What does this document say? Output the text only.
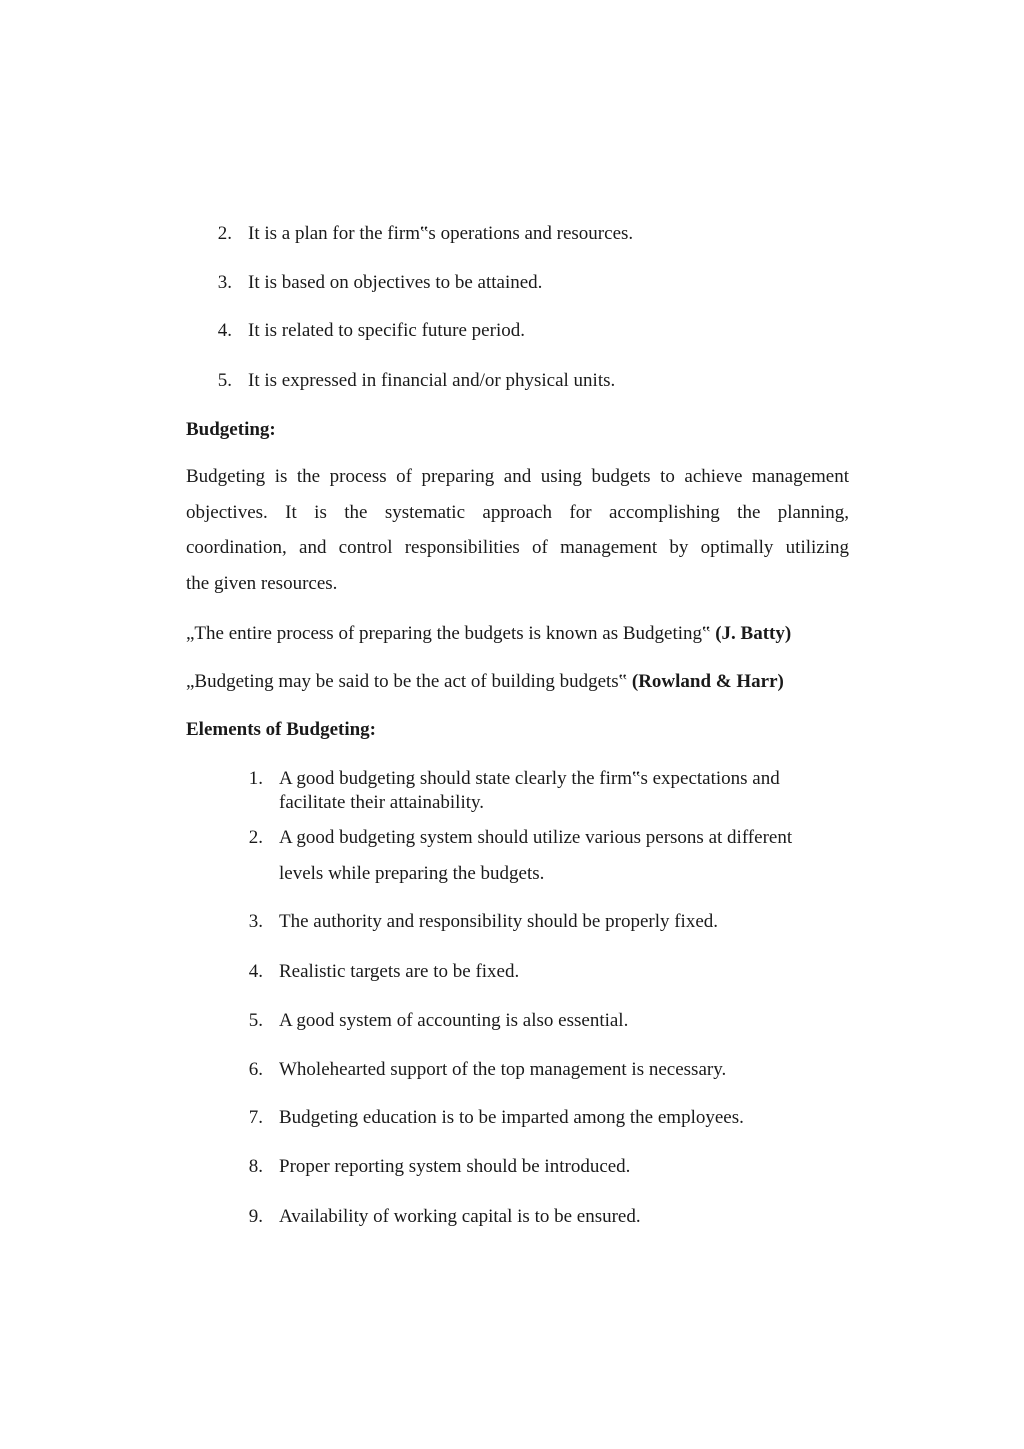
2. It is a plan for the firm‟s operations and resources.
3. It is based on objectives to be attained.
4. It is related to specific future period.
5. It is expressed in financial and/or physical units.
Budgeting:
Budgeting is the process of preparing and using budgets to achieve management
objectives. It is the systematic approach for accomplishing the planning,
coordination, and control responsibilities of management by optimally utilizing
the given resources.
„The entire process of preparing the budgets is known as Budgeting‟ (J. Batty)
„Budgeting may be said to be the act of building budgets‟ (Rowland & Harr)
Elements of Budgeting:
1. A good budgeting should state clearly the firm‟s expectations and
facilitate their attainability.
2. A good budgeting system should utilize various persons at different
levels while preparing the budgets.
3. The authority and responsibility should be properly fixed.
4. Realistic targets are to be fixed.
5. A good system of accounting is also essential.
6. Wholehearted support of the top management is necessary.
7. Budgeting education is to be imparted among the employees.
8. Proper reporting system should be introduced.
9. Availability of working capital is to be ensured.
